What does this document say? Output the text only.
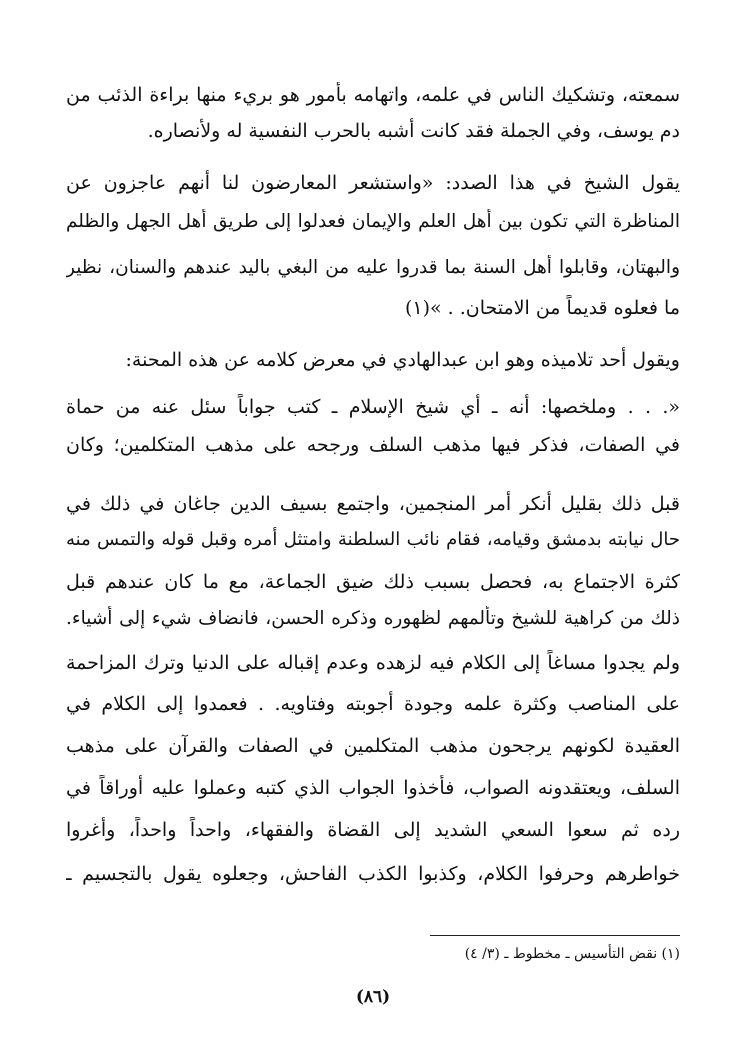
سمعته، وتشكيك الناس في علمه، واتهامه بأمور هو بريء منها براءة الذئب من
دم يوسف، وفي الجملة فقد كانت أشبه بالحرب النفسية له ولأنصاره.
يقول الشيخ في هذا الصدد: «واستشعر المعارضون لنا أنهم عاجزون عن
المناظرة التي تكون بين أهل العلم والإيمان فعدلوا إلى طريق أهل الجهل والظلم
والبهتان، وقابلوا أهل السنة بما قدروا عليه من البغي باليد عندهم والسنان، نظير
ما فعلوه قديماً من الامتحان. . »(١)
ويقول أحد تلاميذه وهو ابن عبدالهادي في معرض كلامه عن هذه المحنة:
«. . . وملخصها: أنه ـ أي شيخ الإسلام ـ كتب جواباً سئل عنه من حماة
في الصفات، فذكر فيها مذهب السلف ورجحه على مذهب المتكلمين؛ وكان
قبل ذلك بقليل أنكر أمر المنجمين، واجتمع بسيف الدين جاغان في ذلك في
حال نيابته بدمشق وقيامه، فقام نائب السلطنة وامتثل أمره وقبل قوله والتمس منه
كثرة الاجتماع به، فحصل بسبب ذلك ضيق الجماعة، مع ما كان عندهم قبل
ذلك من كراهية للشيخ وتألمهم لظهوره وذكره الحسن، فانضاف شيء إلى أشياء.
ولم يجدوا مساغاً إلى الكلام فيه لزهده وعدم إقباله على الدنيا وترك المزاحمة
على المناصب وكثرة علمه وجودة أجوبته وفتاويه. . فعمدوا إلى الكلام في
العقيدة لكونهم يرجحون مذهب المتكلمين في الصفات والقرآن على مذهب
السلف، ويعتقدونه الصواب، فأخذوا الجواب الذي كتبه وعملوا عليه أوراقاً في
رده ثم سعوا السعي الشديد إلى القضاة والفقهاء، واحداً واحداً، وأغروا
خواطرهم وحرفوا الكلام، وكذبوا الكذب الفاحش، وجعلوه يقول بالتجسيم ـ
(١) نقض التأسيس ـ مخطوط ـ (٣/ ٤)
(٨٦)
